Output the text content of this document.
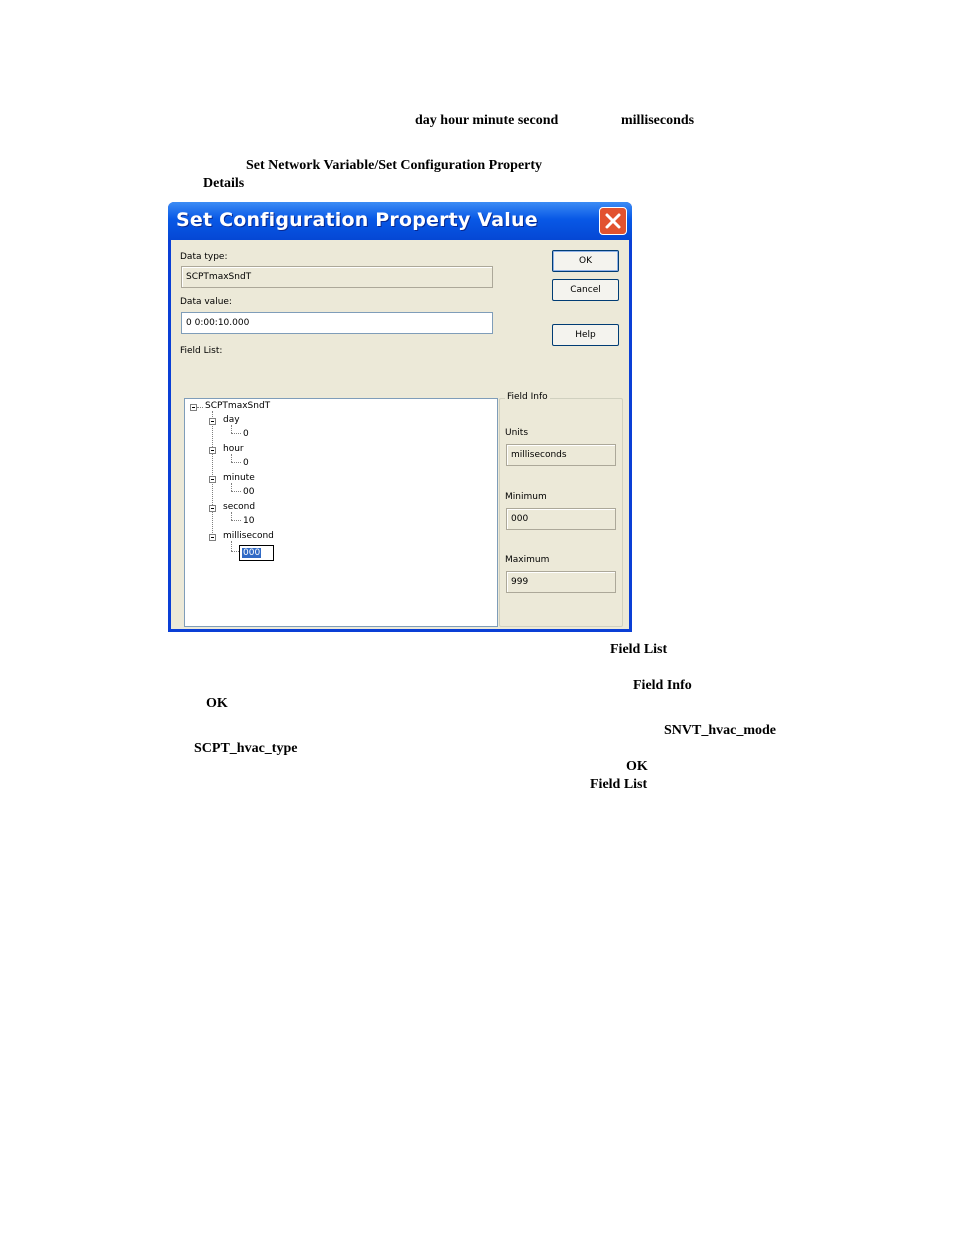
day hour minute second	milliseconds
Set Network Variable/Set Configuration Property
Details
Set Configuration Property Value
Data type:
SCPTmaxSndT
Data value:
0 0:00:10.000
OK
Cancel
Help
Field List:
SCPTmaxSndT
day
0
hour
0
minute
00
second
10
millisecond
000
Field Info
Units
milliseconds
Minimum
000
Maximum
999
Field List
Field Info
OK
SNVT_hvac_mode
SCPT_hvac_type
OK
Field List
